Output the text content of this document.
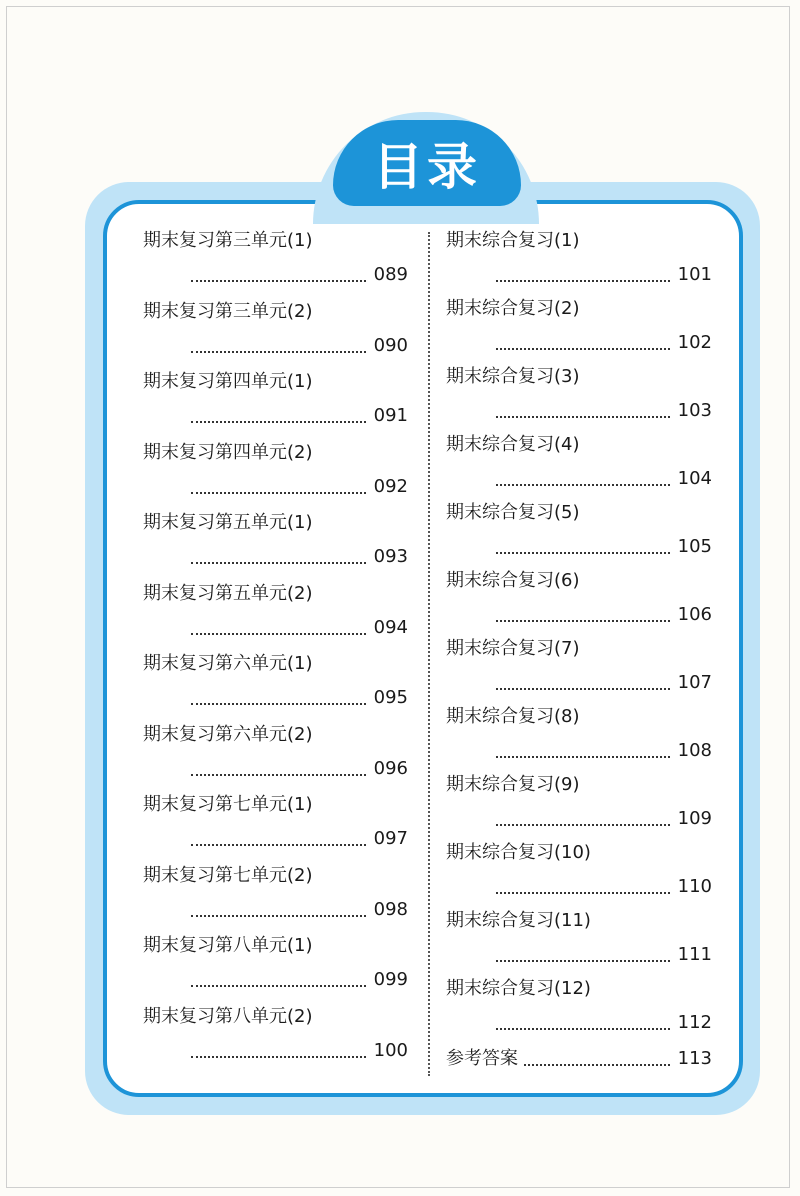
目录
期末复习第三单元(1)
089
期末复习第三单元(2)
090
期末复习第四单元(1)
091
期末复习第四单元(2)
092
期末复习第五单元(1)
093
期末复习第五单元(2)
094
期末复习第六单元(1)
095
期末复习第六单元(2)
096
期末复习第七单元(1)
097
期末复习第七单元(2)
098
期末复习第八单元(1)
099
期末复习第八单元(2)
100
期末综合复习(1)
101
期末综合复习(2)
102
期末综合复习(3)
103
期末综合复习(4)
104
期末综合复习(5)
105
期末综合复习(6)
106
期末综合复习(7)
107
期末综合复习(8)
108
期末综合复习(9)
109
期末综合复习(10)
110
期末综合复习(11)
111
期末综合复习(12)
112
参考答案	113
